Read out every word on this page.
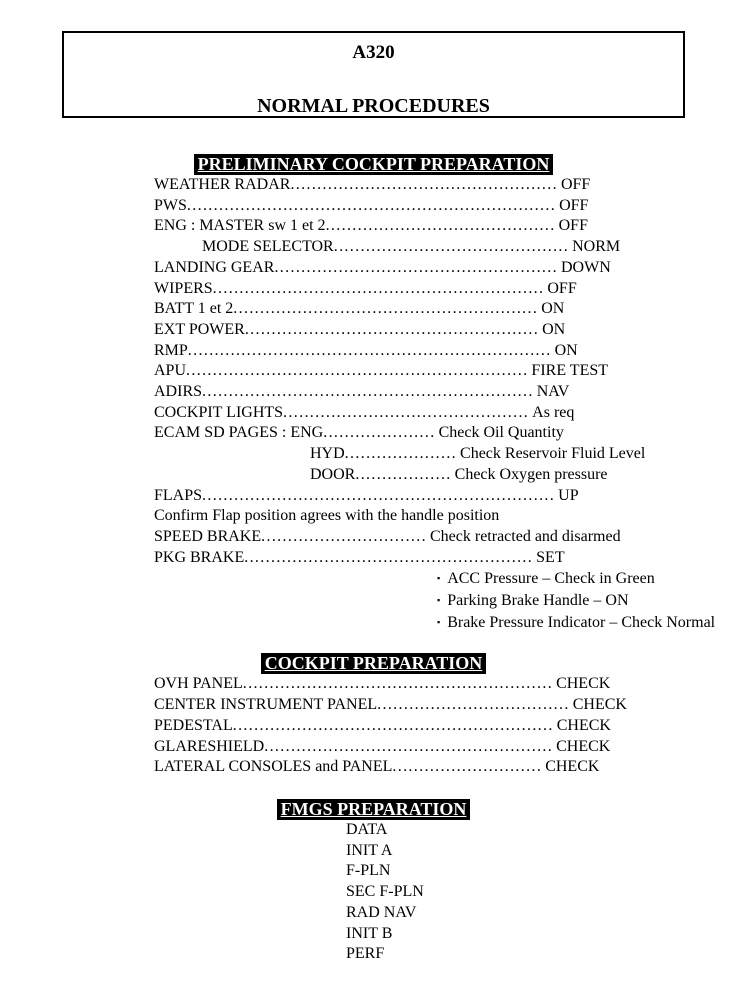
A320
NORMAL PROCEDURES
PRELIMINARY COCKPIT PREPARATION
WEATHER RADAR.................................................. OFF
PWS..................................................................... OFF
ENG : MASTER sw 1 et 2........................................... OFF
MODE SELECTOR............................................ NORM
LANDING GEAR..................................................... DOWN
WIPERS.............................................................. OFF
BATT 1 et 2......................................................... ON
EXT POWER....................................................... ON
RMP.................................................................... ON
APU................................................................ FIRE TEST
ADIRS.............................................................. NAV
COCKPIT LIGHTS.............................................. As req
ECAM SD PAGES : ENG..................... Check Oil Quantity
HYD..................... Check Reservoir Fluid Level
DOOR.................. Check Oxygen pressure
FLAPS.................................................................. UP
Confirm Flap position agrees with the handle position
SPEED BRAKE............................... Check retracted and disarmed
PKG BRAKE...................................................... SET
▪ ACC Pressure – Check in Green
▪ Parking Brake Handle – ON
▪ Brake Pressure Indicator – Check Normal
COCKPIT PREPARATION
OVH PANEL.......................................................... CHECK
CENTER INSTRUMENT PANEL.................................... CHECK
PEDESTAL............................................................ CHECK
GLARESHIELD...................................................... CHECK
LATERAL CONSOLES and PANEL............................ CHECK
FMGS PREPARATION
DATA
INIT A
F-PLN
SEC F-PLN
RAD NAV
INIT B
PERF
